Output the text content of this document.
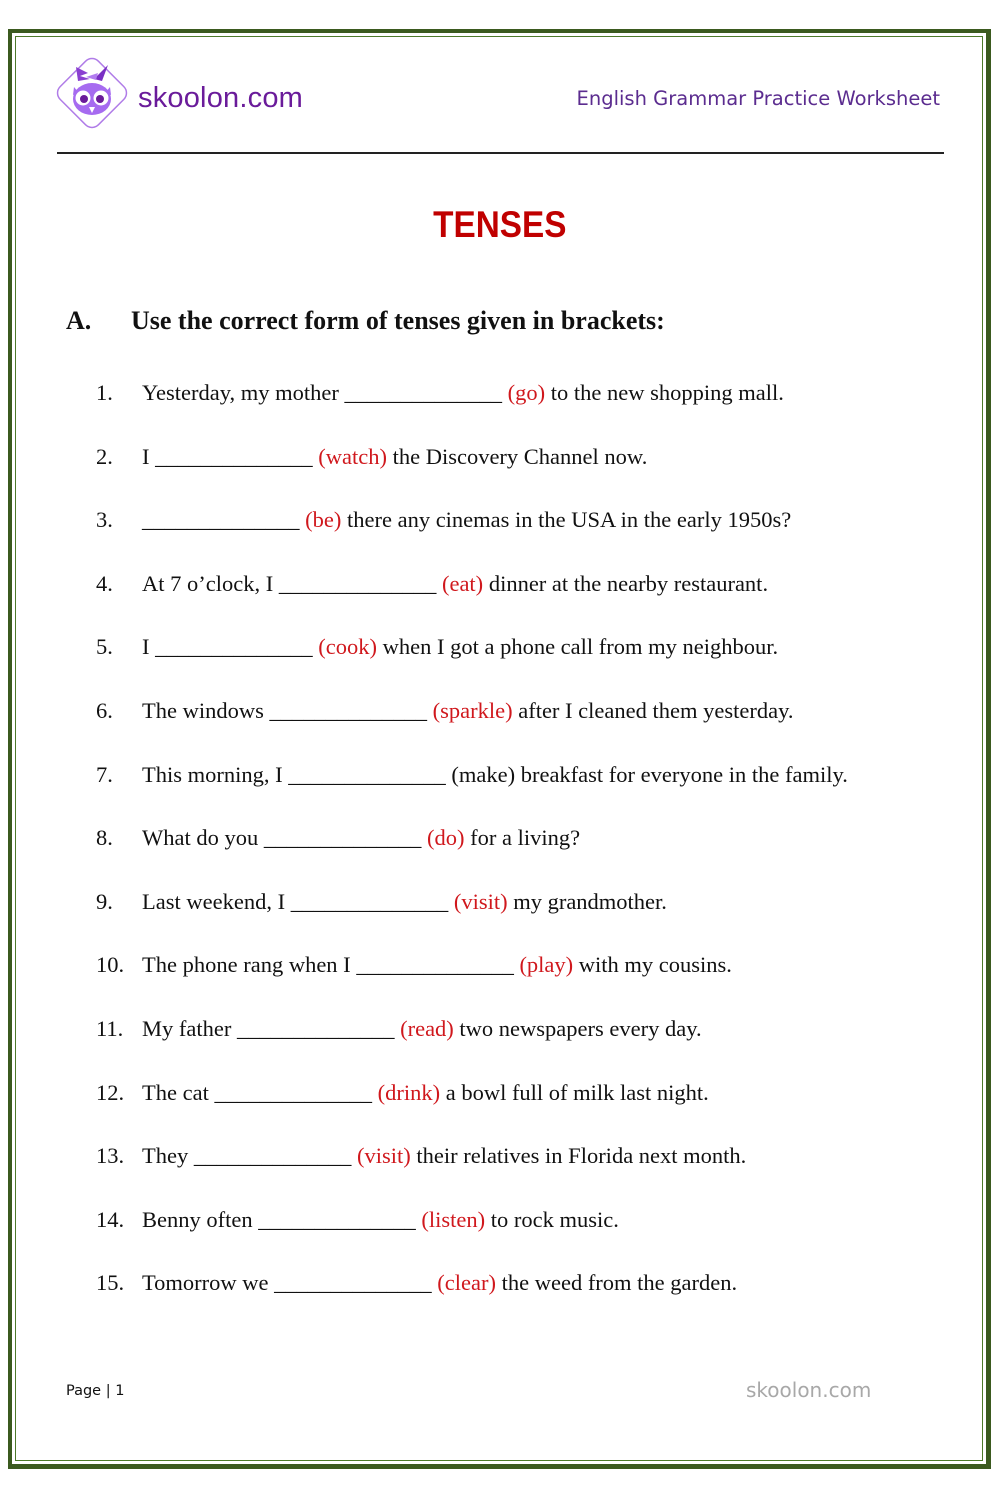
skoolon.com	English Grammar Practice Worksheet
TENSES
A. Use the correct form of tenses given in brackets:
1. Yesterday, my mother ______________ (go) to the new shopping mall.
2. I ______________ (watch) the Discovery Channel now.
3. ______________ (be) there any cinemas in the USA in the early 1950s?
4. At 7 o’clock, I ______________ (eat) dinner at the nearby restaurant.
5. I ______________ (cook) when I got a phone call from my neighbour.
6. The windows ______________ (sparkle) after I cleaned them yesterday.
7. This morning, I ______________ (make) breakfast for everyone in the family.
8. What do you ______________ (do) for a living?
9. Last weekend, I ______________ (visit) my grandmother.
10. The phone rang when I ______________ (play) with my cousins.
11. My father ______________ (read) two newspapers every day.
12. The cat ______________ (drink) a bowl full of milk last night.
13. They ______________ (visit) their relatives in Florida next month.
14. Benny often ______________ (listen) to rock music.
15. Tomorrow we ______________ (clear) the weed from the garden.
Page | 1	skoolon.com
